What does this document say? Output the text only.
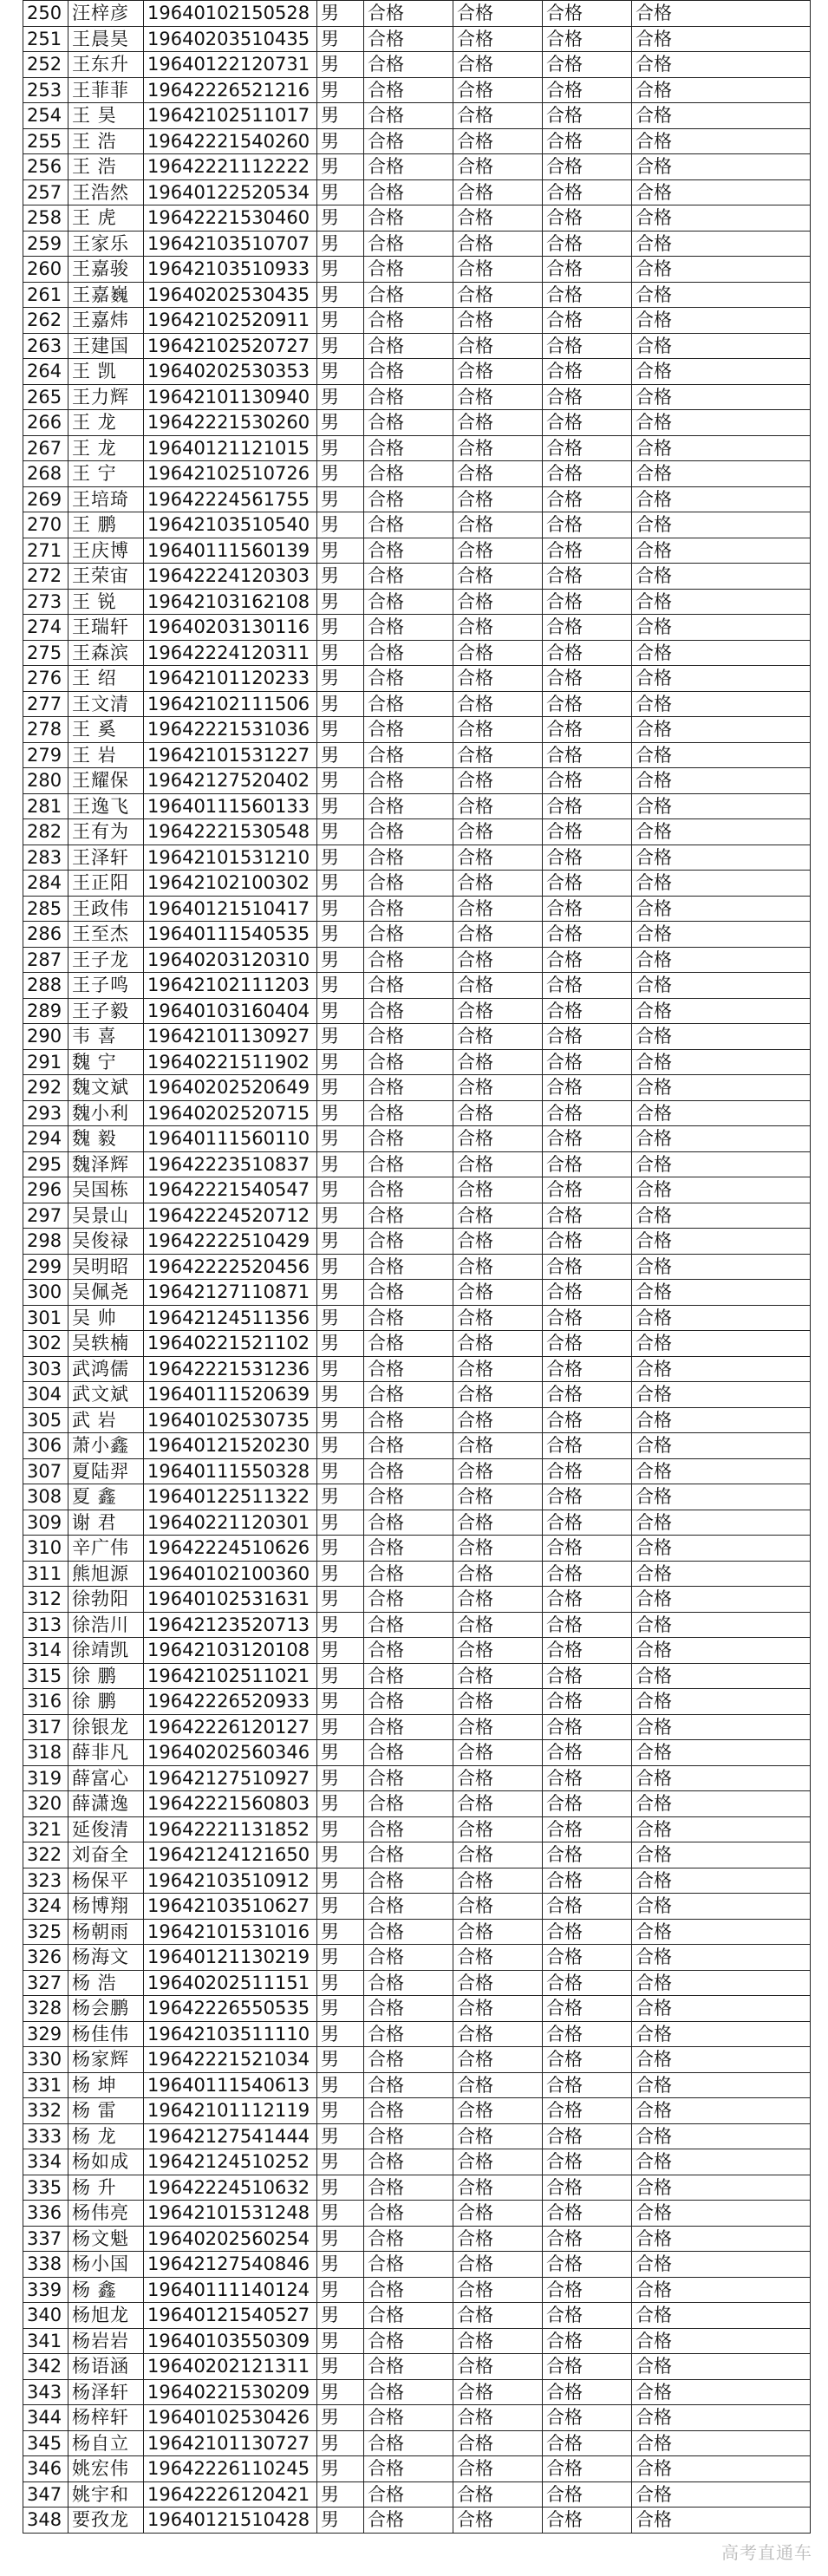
250	汪梓彦	19640102150528	男	合格	合格	合格	合格
251	王晨昊	19640203510435	男	合格	合格	合格	合格
252	王东升	19640122120731	男	合格	合格	合格	合格
253	王菲菲	19642226521216	男	合格	合格	合格	合格
254	王 昊	19642102511017	男	合格	合格	合格	合格
255	王 浩	19642221540260	男	合格	合格	合格	合格
256	王 浩	19642221112222	男	合格	合格	合格	合格
257	王浩然	19640122520534	男	合格	合格	合格	合格
258	王 虎	19642221530460	男	合格	合格	合格	合格
259	王家乐	19642103510707	男	合格	合格	合格	合格
260	王嘉骏	19642103510933	男	合格	合格	合格	合格
261	王嘉巍	19640202530435	男	合格	合格	合格	合格
262	王嘉炜	19642102520911	男	合格	合格	合格	合格
263	王建国	19642102520727	男	合格	合格	合格	合格
264	王 凯	19640202530353	男	合格	合格	合格	合格
265	王力辉	19642101130940	男	合格	合格	合格	合格
266	王 龙	19642221530260	男	合格	合格	合格	合格
267	王 龙	19640121121015	男	合格	合格	合格	合格
268	王 宁	19642102510726	男	合格	合格	合格	合格
269	王培琦	19642224561755	男	合格	合格	合格	合格
270	王 鹏	19642103510540	男	合格	合格	合格	合格
271	王庆博	19640111560139	男	合格	合格	合格	合格
272	王荣宙	19642224120303	男	合格	合格	合格	合格
273	王 锐	19642103162108	男	合格	合格	合格	合格
274	王瑞轩	19640203130116	男	合格	合格	合格	合格
275	王森滨	19642224120311	男	合格	合格	合格	合格
276	王 绍	19642101120233	男	合格	合格	合格	合格
277	王文清	19642102111506	男	合格	合格	合格	合格
278	王 奚	19642221531036	男	合格	合格	合格	合格
279	王 岩	19642101531227	男	合格	合格	合格	合格
280	王耀保	19642127520402	男	合格	合格	合格	合格
281	王逸飞	19640111560133	男	合格	合格	合格	合格
282	王有为	19642221530548	男	合格	合格	合格	合格
283	王泽轩	19642101531210	男	合格	合格	合格	合格
284	王正阳	19642102100302	男	合格	合格	合格	合格
285	王政伟	19640121510417	男	合格	合格	合格	合格
286	王至杰	19640111540535	男	合格	合格	合格	合格
287	王子龙	19640203120310	男	合格	合格	合格	合格
288	王子鸣	19642102111203	男	合格	合格	合格	合格
289	王子毅	19640103160404	男	合格	合格	合格	合格
290	韦 喜	19642101130927	男	合格	合格	合格	合格
291	魏 宁	19640221511902	男	合格	合格	合格	合格
292	魏文斌	19640202520649	男	合格	合格	合格	合格
293	魏小利	19640202520715	男	合格	合格	合格	合格
294	魏 毅	19640111560110	男	合格	合格	合格	合格
295	魏泽辉	19642223510837	男	合格	合格	合格	合格
296	吴国栋	19642221540547	男	合格	合格	合格	合格
297	吴景山	19642224520712	男	合格	合格	合格	合格
298	吴俊禄	19642222510429	男	合格	合格	合格	合格
299	吴明昭	19642222520456	男	合格	合格	合格	合格
300	吴佩尧	19642127110871	男	合格	合格	合格	合格
301	吴 帅	19642124511356	男	合格	合格	合格	合格
302	吴轶楠	19640221521102	男	合格	合格	合格	合格
303	武鸿儒	19642221531236	男	合格	合格	合格	合格
304	武文斌	19640111520639	男	合格	合格	合格	合格
305	武 岩	19640102530735	男	合格	合格	合格	合格
306	萧小鑫	19640121520230	男	合格	合格	合格	合格
307	夏陆羿	19640111550328	男	合格	合格	合格	合格
308	夏 鑫	19640122511322	男	合格	合格	合格	合格
309	谢 君	19640221120301	男	合格	合格	合格	合格
310	辛广伟	19642224510626	男	合格	合格	合格	合格
311	熊旭源	19640102100360	男	合格	合格	合格	合格
312	徐勃阳	19640102531631	男	合格	合格	合格	合格
313	徐浩川	19642123520713	男	合格	合格	合格	合格
314	徐靖凯	19642103120108	男	合格	合格	合格	合格
315	徐 鹏	19642102511021	男	合格	合格	合格	合格
316	徐 鹏	19642226520933	男	合格	合格	合格	合格
317	徐银龙	19642226120127	男	合格	合格	合格	合格
318	薛非凡	19640202560346	男	合格	合格	合格	合格
319	薛富心	19642127510927	男	合格	合格	合格	合格
320	薛潇逸	19642221560803	男	合格	合格	合格	合格
321	延俊清	19642221131852	男	合格	合格	合格	合格
322	刘奋全	19642124121650	男	合格	合格	合格	合格
323	杨保平	19642103510912	男	合格	合格	合格	合格
324	杨博翔	19642103510627	男	合格	合格	合格	合格
325	杨朝雨	19642101531016	男	合格	合格	合格	合格
326	杨海文	19640121130219	男	合格	合格	合格	合格
327	杨 浩	19640202511151	男	合格	合格	合格	合格
328	杨会鹏	19642226550535	男	合格	合格	合格	合格
329	杨佳伟	19642103511110	男	合格	合格	合格	合格
330	杨家辉	19642221521034	男	合格	合格	合格	合格
331	杨 坤	19640111540613	男	合格	合格	合格	合格
332	杨 雷	19642101112119	男	合格	合格	合格	合格
333	杨 龙	19642127541444	男	合格	合格	合格	合格
334	杨如成	19642124510252	男	合格	合格	合格	合格
335	杨 升	19642224510632	男	合格	合格	合格	合格
336	杨伟亮	19642101531248	男	合格	合格	合格	合格
337	杨文魁	19640202560254	男	合格	合格	合格	合格
338	杨小国	19642127540846	男	合格	合格	合格	合格
339	杨 鑫	19640111140124	男	合格	合格	合格	合格
340	杨旭龙	19640121540527	男	合格	合格	合格	合格
341	杨岩岩	19640103550309	男	合格	合格	合格	合格
342	杨语涵	19640202121311	男	合格	合格	合格	合格
343	杨泽轩	19640221530209	男	合格	合格	合格	合格
344	杨梓轩	19640102530426	男	合格	合格	合格	合格
345	杨自立	19642101130727	男	合格	合格	合格	合格
346	姚宏伟	19642226110245	男	合格	合格	合格	合格
347	姚宇和	19642226120421	男	合格	合格	合格	合格
348	要孜龙	19640121510428	男	合格	合格	合格	合格
高考直通车
